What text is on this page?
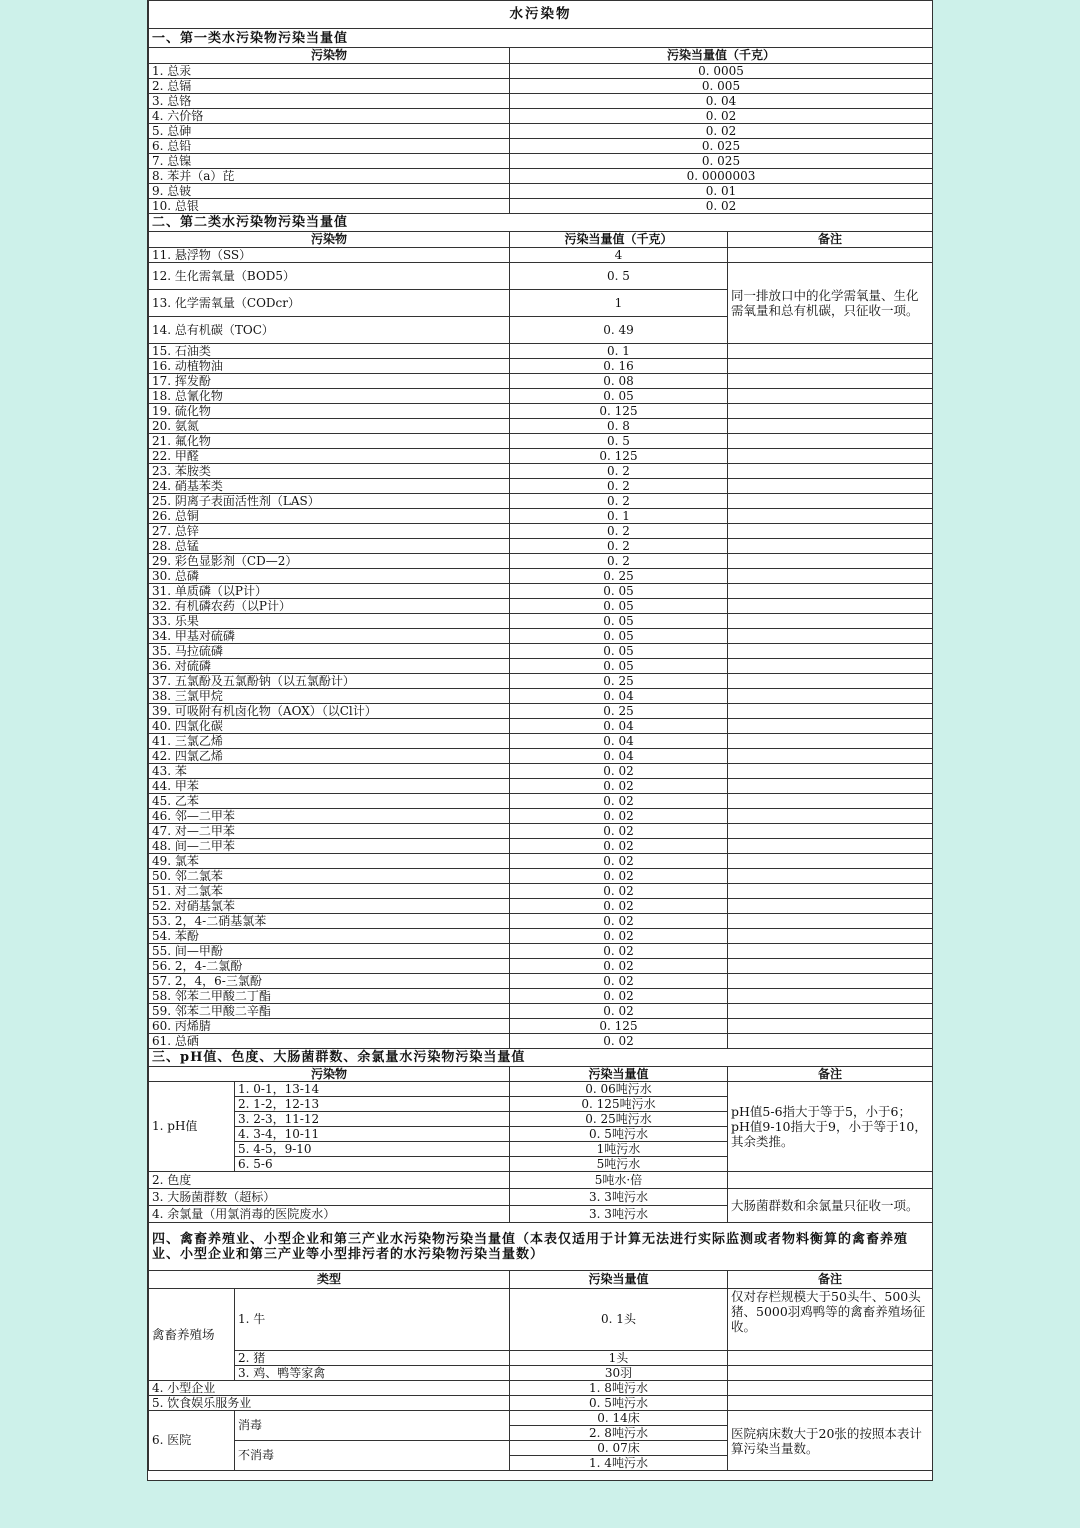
水污染物			
一、第一类水污染物污染当量值			
污染物		污染当量值（千克）	
1. 总汞		0. 0005	
2. 总镉		0. 005	
3. 总铬		0. 04	
4. 六价铬		0. 02	
5. 总砷		0. 02	
6. 总铅		0. 025	
7. 总镍		0. 025	
8. 苯并（a）芘		0. 0000003	
9. 总铍		0. 01	
10. 总银		0. 02	
二、第二类水污染物污染当量值			
污染物		污染当量值（千克）	备注
11. 悬浮物（SS）		4	
12. 生化需氧量（BOD5）		0. 5	同一排放口中的化学需氧量、生化需氧量和总有机碳，只征收一项。
13. 化学需氧量（CODcr）		1	
14. 总有机碳（TOC）		0. 49	
15. 石油类		0. 1	
16. 动植物油		0. 16	
17. 挥发酚		0. 08	
18. 总氰化物		0. 05	
19. 硫化物		0. 125	
20. 氨氮		0. 8	
21. 氟化物		0. 5	
22. 甲醛		0. 125	
23. 苯胺类		0. 2	
24. 硝基苯类		0. 2	
25. 阴离子表面活性剂（LAS）		0. 2	
26. 总铜		0. 1	
27. 总锌		0. 2	
28. 总锰		0. 2	
29. 彩色显影剂（CD—2）		0. 2	
30. 总磷		0. 25	
31. 单质磷（以P计）		0. 05	
32. 有机磷农药（以P计）		0. 05	
33. 乐果		0. 05	
34. 甲基对硫磷		0. 05	
35. 马拉硫磷		0. 05	
36. 对硫磷		0. 05	
37. 五氯酚及五氯酚钠（以五氯酚计）		0. 25	
38. 三氯甲烷		0. 04	
39. 可吸附有机卤化物（AOX）（以Cl计）		0. 25	
40. 四氯化碳		0. 04	
41. 三氯乙烯		0. 04	
42. 四氯乙烯		0. 04	
43. 苯		0. 02	
44. 甲苯		0. 02	
45. 乙苯		0. 02	
46. 邻—二甲苯		0. 02	
47. 对—二甲苯		0. 02	
48. 间—二甲苯		0. 02	
49. 氯苯		0. 02	
50. 邻二氯苯		0. 02	
51. 对二氯苯		0. 02	
52. 对硝基氯苯		0. 02	
53. 2，4-二硝基氯苯		0. 02	
54. 苯酚		0. 02	
55. 间—甲酚		0. 02	
56. 2，4-二氯酚		0. 02	
57. 2，4，6-三氯酚		0. 02	
58. 邻苯二甲酸二丁酯		0. 02	
59. 邻苯二甲酸二辛酯		0. 02	
60. 丙烯腈		0. 125	
61. 总硒		0. 02	
三、pH值、色度、大肠菌群数、余氯量水污染物污染当量值			
污染物		污染当量值	备注
1. pH值	1. 0-1，13-14	0. 06吨污水	pH值5-6指大于等于5，小于6；pH值9-10指大于9，小于等于10，其余类推。
	2. 1-2，12-13	0. 125吨污水	
	3. 2-3，11-12	0. 25吨污水	
	4. 3-4，10-11	0. 5吨污水	
	5. 4-5，9-10	1吨污水	
	6. 5-6	5吨污水	
2. 色度		5吨水·倍	
3. 大肠菌群数（超标）		3. 3吨污水	大肠菌群数和余氯量只征收一项。
4. 余氯量（用氯消毒的医院废水）		3. 3吨污水	
四、禽畜养殖业、小型企业和第三产业水污染物污染当量值（本表仅适用于计算无法进行实际监测或者物料衡算的禽畜养殖业、小型企业和第三产业等小型排污者的水污染物污染当量数）			
类型		污染当量值	备注
禽畜养殖场	1. 牛	0. 1头	仅对存栏规模大于50头牛、500头猪、5000羽鸡鸭等的禽畜养殖场征收。
	2. 猪	1头	
	3. 鸡、鸭等家禽	30羽	
4. 小型企业		1. 8吨污水	
5. 饮食娱乐服务业		0. 5吨污水	
6. 医院	消毒	0. 14床	医院病床数大于20张的按照本表计算污染当量数。
		2. 8吨污水	
	不消毒	0. 07床	
		1. 4吨污水	
